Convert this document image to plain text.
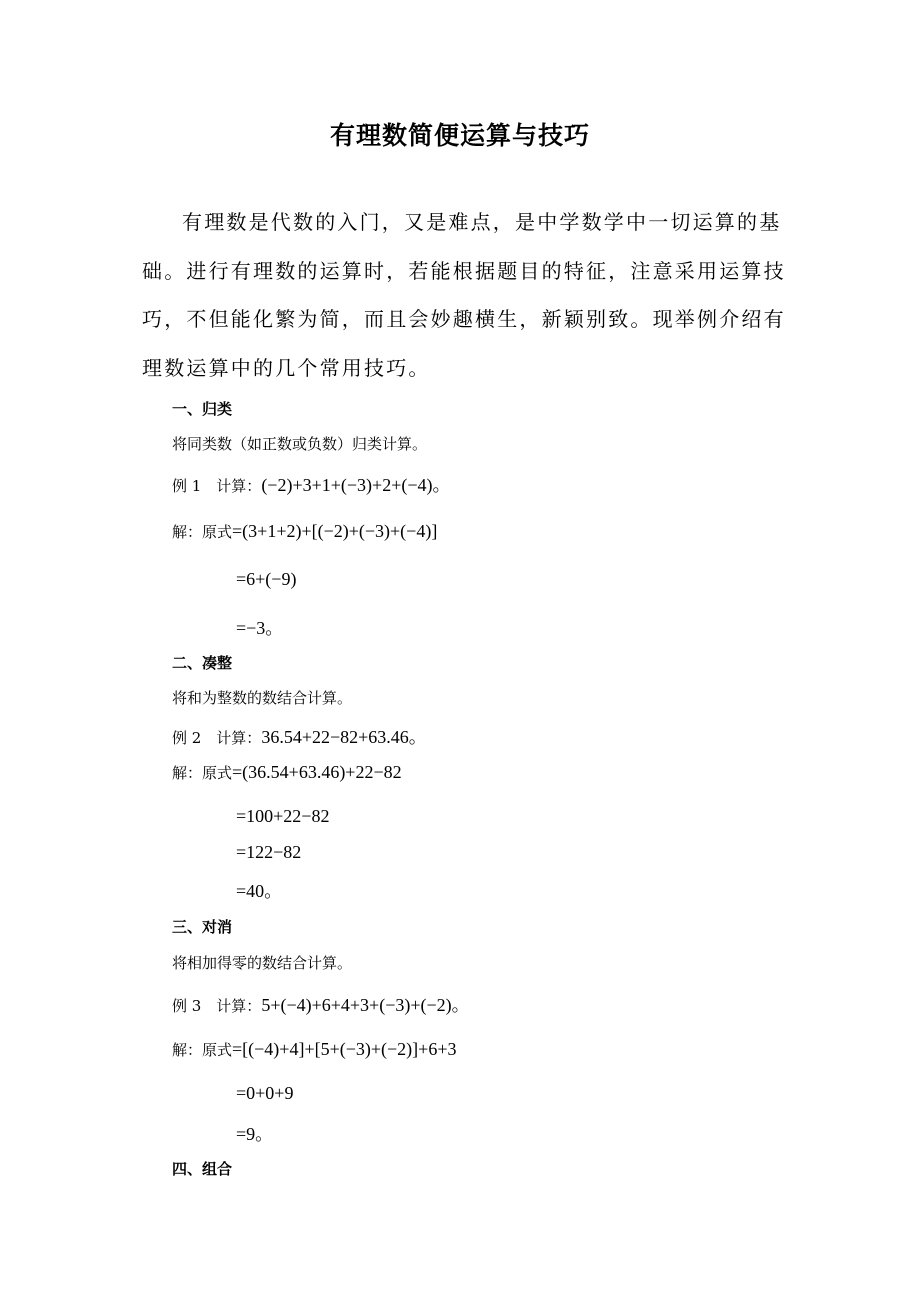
有理数简便运算与技巧
有理数是代数的入门，又是难点，是中学数学中一切运算的基
础。进行有理数的运算时，若能根据题目的特征，注意采用运算技
巧，不但能化繁为简，而且会妙趣横生，新颖别致。现举例介绍有
理数运算中的几个常用技巧。
一、归类
将同类数（如正数或负数）归类计算。
例 1　计算：(−2)+3+1+(−3)+2+(−4)。
解：原式=(3+1+2)+[(−2)+(−3)+(−4)]
=6+(−9)
=−3。
二、凑整
将和为整数的数结合计算。
例 2　计算：36.54+22−82+63.46。
解：原式=(36.54+63.46)+22−82
=100+22−82
=122−82
=40。
三、对消
将相加得零的数结合计算。
例 3　计算：5+(−4)+6+4+3+(−3)+(−2)。
解：原式=[(−4)+4]+[5+(−3)+(−2)]+6+3
=0+0+9
=9。
四、组合
